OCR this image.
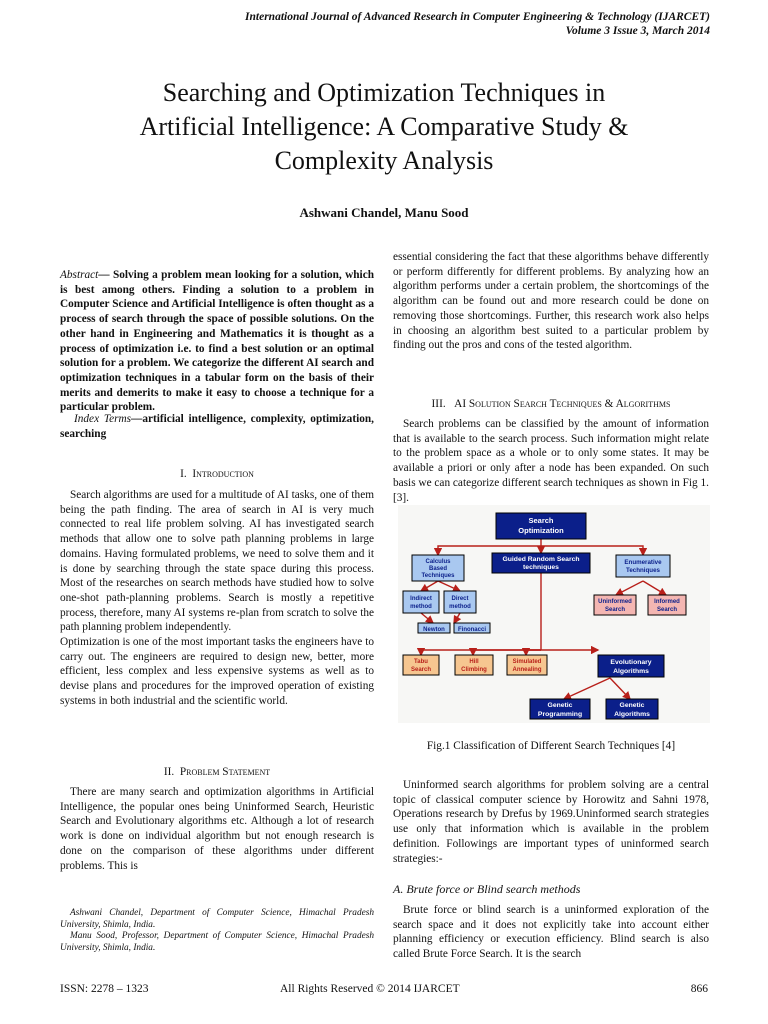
International Journal of Advanced Research in Computer Engineering & Technology (IJARCET)
Volume 3 Issue 3, March 2014
Searching and Optimization Techniques in
Artificial Intelligence: A Comparative Study &
Complexity Analysis
Ashwani Chandel, Manu Sood
Abstract— Solving a problem mean looking for a solution, which is best among others. Finding a solution to a problem in Computer Science and Artificial Intelligence is often thought as a process of search through the space of possible solutions. On the other hand in Engineering and Mathematics it is thought as a process of optimization i.e. to find a best solution or an optimal solution for a problem. We categorize the different AI search and optimization techniques in a tabular form on the basis of their merits and demerits to make it easy to choose a technique for a particular problem.
Index Terms—artificial intelligence, complexity, optimization, searching
I. Introduction

Search algorithms are used for a multitude of AI tasks, one of them being the path finding. The area of search in AI is very much connected to real life problem solving. AI has investigated search methods that allow one to solve path planning problems in large domains. Having formulated problems, we need to solve them and it is done by searching through the state space during this process. Most of the researches on search methods have studied how to solve one-shot path-planning problems. Search is mostly a repetitive process, therefore, many AI systems re-plan from scratch to solve the path planning problem independently.

Optimization is one of the most important tasks the engineers have to carry out. The engineers are required to design new, better, more efficient, less complex and less expensive systems as well as to devise plans and procedures for the improved operation of existing systems in both industrial and the scientific world.

II. Problem Statement

There are many search and optimization algorithms in Artificial Intelligence, the popular ones being Uninformed Search, Heuristic Search and Evolutionary algorithms etc. Although a lot of research work is done on individual algorithm but not enough research is done on the comparison of these algorithms under different problems. This is

Ashwani Chandel, Department of Computer Science, Himachal Pradesh University, Shimla, India.

Manu Sood, Professor, Department of Computer Science, Himachal Pradesh University, Shimla, India.

essential considering the fact that these algorithms behave differently or perform differently for different problems. By analyzing how an algorithm performs under a certain problem, the shortcomings of the algorithm can be found out and more research could be done on removing those shortcomings. Further, this research work also helps in choosing an algorithm best suited to a particular problem by finding out the pros and cons of the tested algorithm.

III. AI Solution Search Techniques & Algorithms

Search problems can be classified by the amount of information that is available to the search process. Such information might relate to the problem space as a whole or to only some states. It may be available a priori or only after a node has been expanded. On such basis we can categorize different search techniques as shown in Fig 1. [3].

Search
Optimization
Calculus
Based
Techniques
Guided Random Search
techniques
Enumerative
Techniques
Indirect
method
Direct
method
Uninformed
Search
Informed
Search
Newton Finonacci
Tabu
Search
Hill
Climbing
Simulated
Annealing
Evolutionary
Algorithms
Genetic
Programming
Genetic
Algorithms
Fig.1 Classification of Different Search Techniques [4]

Uninformed search algorithms for problem solving are a central topic of classical computer science by Horowitz and Sahni 1978, Operations research by Drefus by 1969.Uninformed search strategies use only that information which is available in the problem definition. Followings are important types of uninformed search strategies:-

A. Brute force or Blind search methods

Brute force or blind search is a uninformed exploration of the search space and it does not explicitly take into account either planning efficiency or execution efficiency. Blind search is also called Brute Force Search. It is the search

ISSN: 2278 – 1323	All Rights Reserved © 2014 IJARCET	866
